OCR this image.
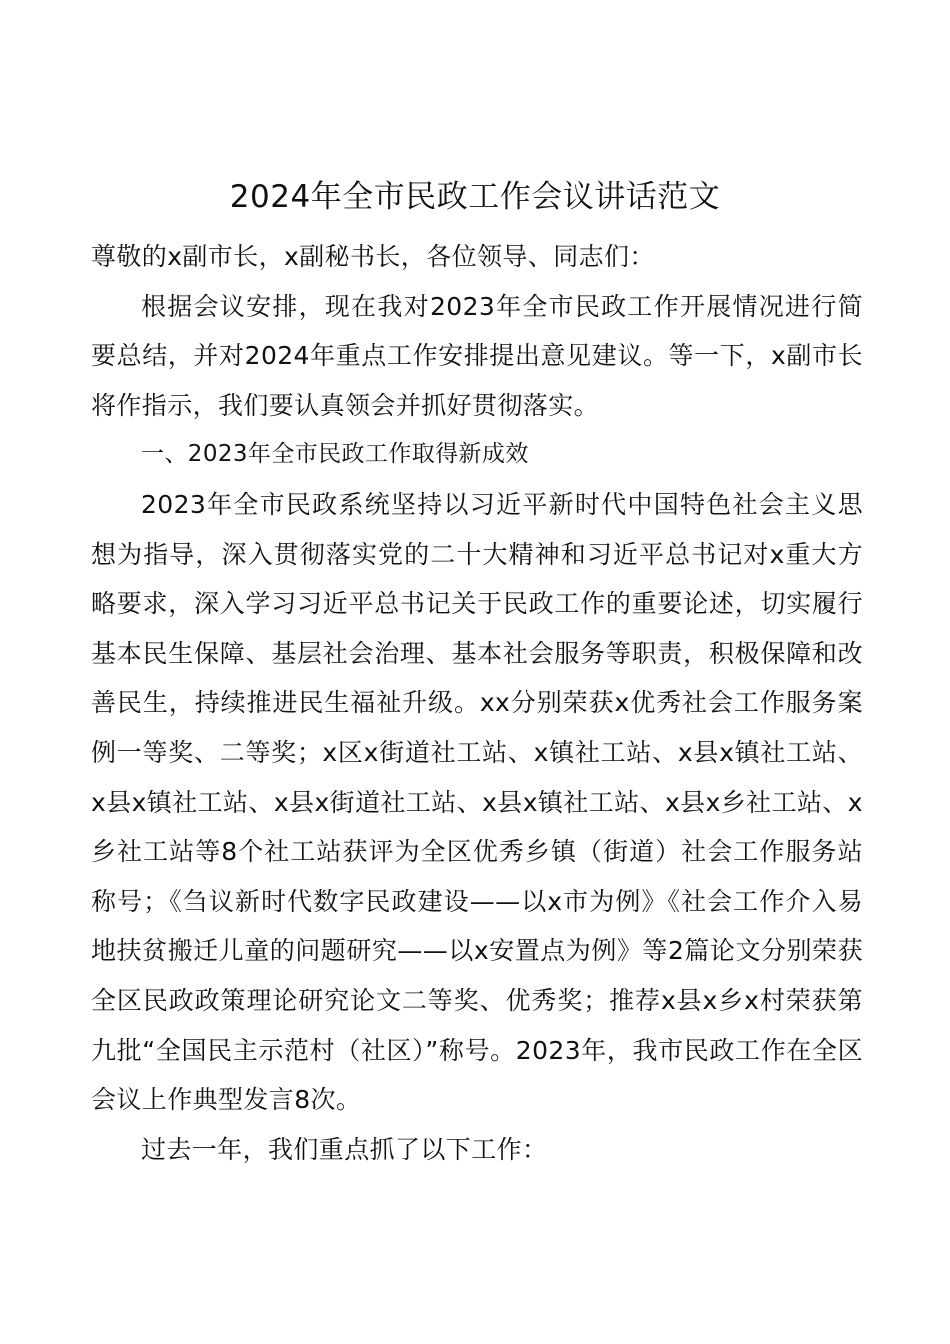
2024年全市民政工作会议讲话范文

尊敬的x副市长，x副秘书长，各位领导、同志们：

根据会议安排，现在我对2023年全市民政工作开展情况进行简要总结，并对2024年重点工作安排提出意见建议。等一下，x副市长将作指示，我们要认真领会并抓好贯彻落实。

一、2023年全市民政工作取得新成效

2023年全市民政系统坚持以习近平新时代中国特色社会主义思想为指导，深入贯彻落实党的二十大精神和习近平总书记对x重大方略要求，深入学习习近平总书记关于民政工作的重要论述，切实履行基本民生保障、基层社会治理、基本社会服务等职责，积极保障和改善民生，持续推进民生福祉升级。xx分别荣获x优秀社会工作服务案例一等奖、二等奖；x区x街道社工站、x镇社工站、x县x镇社工站、x县x镇社工站、x县x街道社工站、x县x镇社工站、x县x乡社工站、x乡社工站等8个社工站获评为全区优秀乡镇（街道）社会工作服务站称号；《刍议新时代数字民政建设——以x市为例》《社会工作介入易地扶贫搬迁儿童的问题研究——以x安置点为例》等2篇论文分别荣获全区民政政策理论研究论文二等奖、优秀奖；推荐x县x乡x村荣获第九批“全国民主示范村（社区）”称号。2023年，我市民政工作在全区会议上作典型发言8次。

过去一年，我们重点抓了以下工作：
